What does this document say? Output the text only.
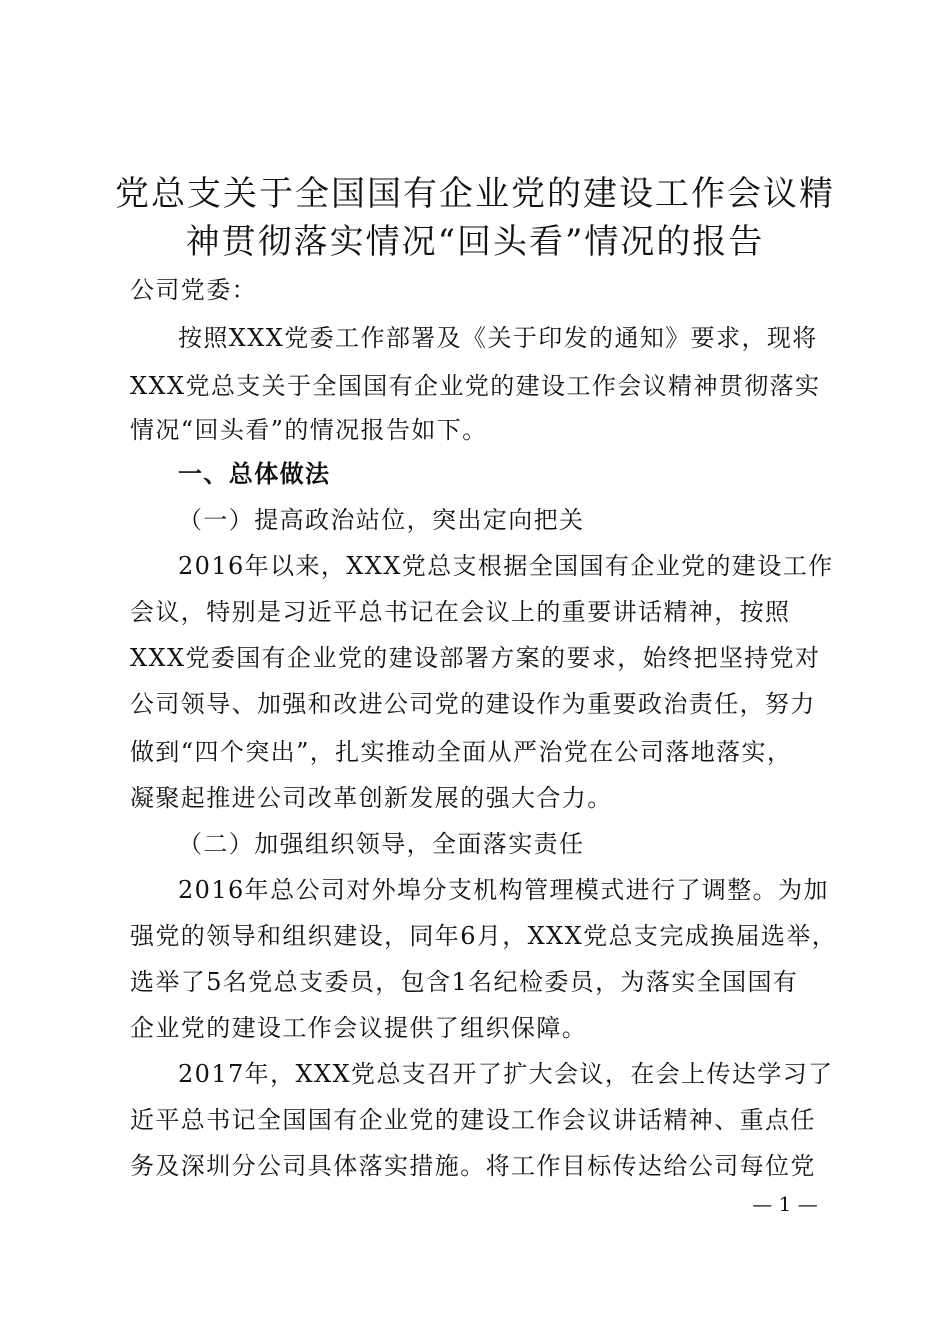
党总支关于全国国有企业党的建设工作会议精
神贯彻落实情况“回头看”情况的报告
公司党委：
按照XXX党委工作部署及《关于印发的通知》要求，现将
XXX党总支关于全国国有企业党的建设工作会议精神贯彻落实
情况“回头看”的情况报告如下。
一、总体做法
（一）提高政治站位，突出定向把关
2016年以来，XXX党总支根据全国国有企业党的建设工作
会议，特别是习近平总书记在会议上的重要讲话精神，按照
XXX党委国有企业党的建设部署方案的要求，始终把坚持党对
公司领导、加强和改进公司党的建设作为重要政治责任，努力
做到“四个突出”，扎实推动全面从严治党在公司落地落实，
凝聚起推进公司改革创新发展的强大合力。
（二）加强组织领导，全面落实责任
2016年总公司对外埠分支机构管理模式进行了调整。为加
强党的领导和组织建设，同年6月，XXX党总支完成换届选举，
选举了5名党总支委员，包含1名纪检委员，为落实全国国有
企业党的建设工作会议提供了组织保障。
2017年，XXX党总支召开了扩大会议，在会上传达学习了
近平总书记全国国有企业党的建设工作会议讲话精神、重点任
务及深圳分公司具体落实措施。将工作目标传达给公司每位党
— 1 —
